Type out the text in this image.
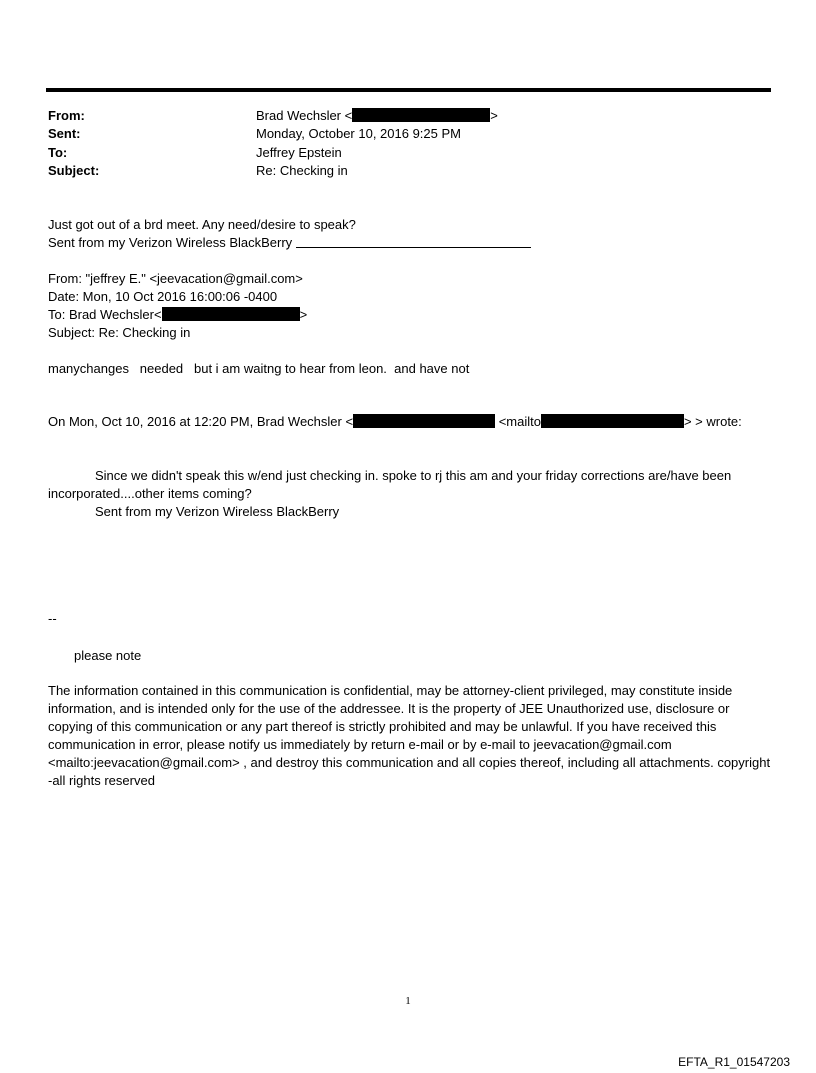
From:	Brad Wechsler <	>
Sent:	Monday, October 10, 2016 9:25 PM
To:	Jeffrey Epstein
Subject:	Re: Checking in
Just got out of a brd meet. Any need/desire to speak?
Sent from my Verizon Wireless BlackBerry
From: "jeffrey E." <jeevacation@gmail.com>
Date: Mon, 10 Oct 2016 16:00:06 -0400
To: Brad Wechsler<	>
Subject: Re: Checking in
manychanges   needed   but i am waitng to hear from leon.  and have not
On Mon, Oct 10, 2016 at 12:20 PM, Brad Wechsler <	<mailto	> > wrote:
Since we didn't speak this w/end just checking in. spoke to rj this am and your friday corrections are/have been incorporated....other items coming?
Sent from my Verizon Wireless BlackBerry
--
please note
The information contained in this communication is confidential, may be attorney-client privileged, may constitute inside information, and is intended only for the use of the addressee. It is the property of JEE Unauthorized use, disclosure or copying of this communication or any part thereof is strictly prohibited and may be unlawful. If you have received this communication in error, please notify us immediately by return e-mail or by e-mail to jeevacation@gmail.com <mailto:jeevacation@gmail.com> , and destroy this communication and all copies thereof, including all attachments. copyright -all rights reserved
1
EFTA_R1_01547203
